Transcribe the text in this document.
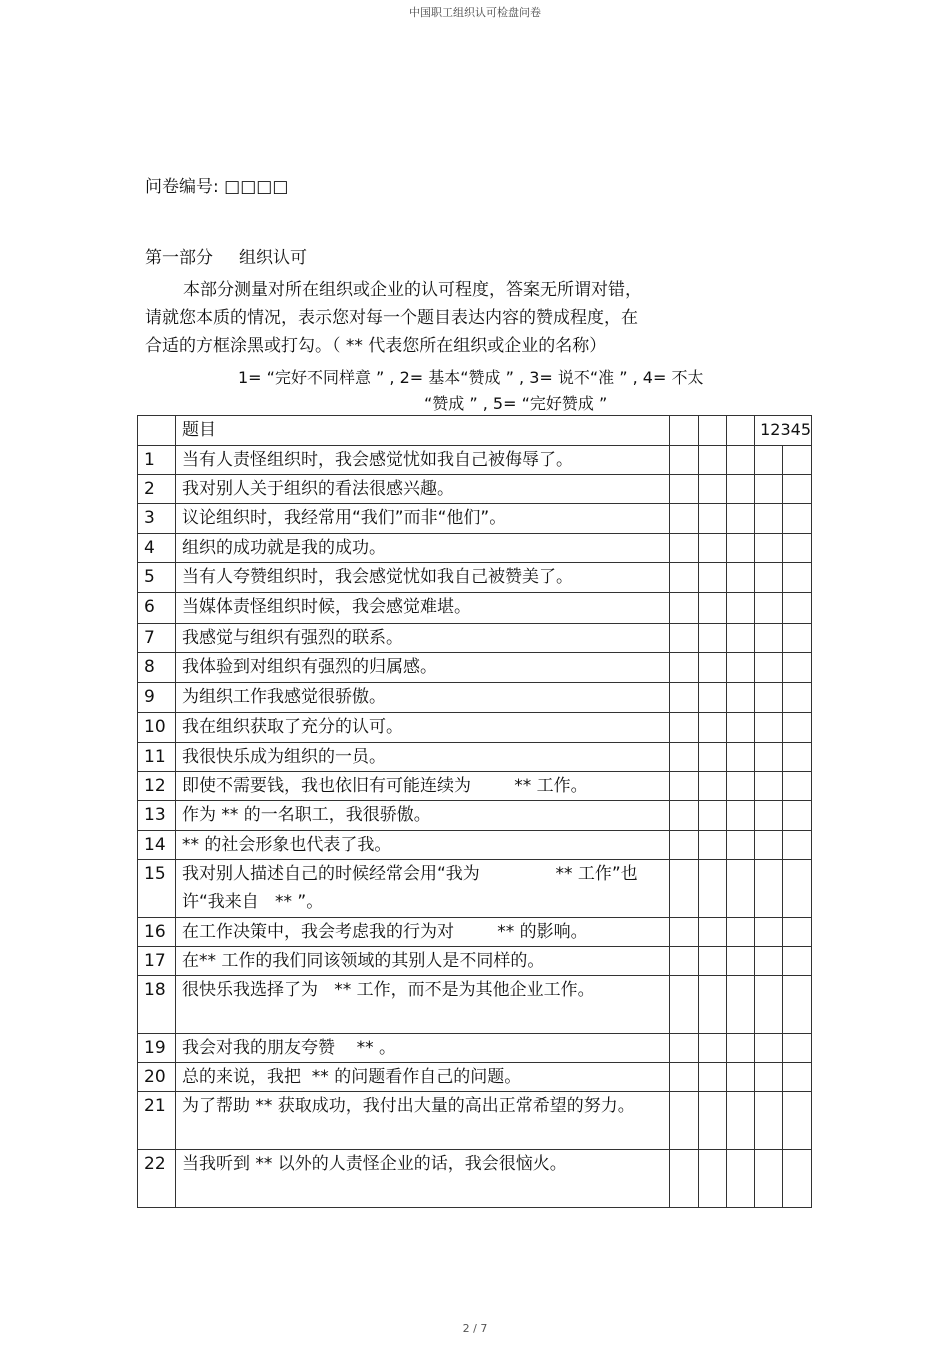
中国职工组织认可检盘问卷
问卷编号: □□□□
第一部分 组织认可
本部分测量对所在组织或企业的认可程度，答案无所谓对错，
请就您本质的情况，表示您对每一个题目表达内容的赞成程度，在
合适的方框涂黑或打勾。（ ** 代表您所在组织或企业的名称）
1= “完好不同样意 ” , 2= 基本“赞成 ” , 3= 说不“准 ” , 4= 不太
“赞成 ” , 5= “完好赞成 ”
	题目				12345	
1	当有人责怪组织时，我会感觉忧如我自己被侮辱了。					
2	我对别人关于组织的看法很感兴趣。					
3	议论组织时，我经常用“我们”而非“他们”。					
4	组织的成功就是我的成功。					
5	当有人夸赞组织时，我会感觉忧如我自己被赞美了。					
6	当媒体责怪组织时候，我会感觉难堪。					
7	我感觉与组织有强烈的联系。					
8	我体验到对组织有强烈的归属感。					
9	为组织工作我感觉很骄傲。					
10	我在组织获取了充分的认可。					
11	我很快乐成为组织的一员。					
12	即使不需要钱，我也依旧有可能连续为        ** 工作。					
13	作为 ** 的一名职工，我很骄傲。					
14	** 的社会形象也代表了我。					
15	我对别人描述自己的时候经常会用“我为              ** 工作”也许“我来自   ** ”。					
16	在工作决策中，我会考虑我的行为对        ** 的影响。					
17	在** 工作的我们同该领域的其别人是不同样的。					
18	很快乐我选择了为   ** 工作，而不是为其他企业工作。					
19	我会对我的朋友夸赞    ** 。					
20	总的来说，我把  ** 的问题看作自己的问题。					
21	为了帮助 ** 获取成功，我付出大量的高出正常希望的努力。					
22	当我听到 ** 以外的人责怪企业的话，我会很恼火。					
2 / 7
